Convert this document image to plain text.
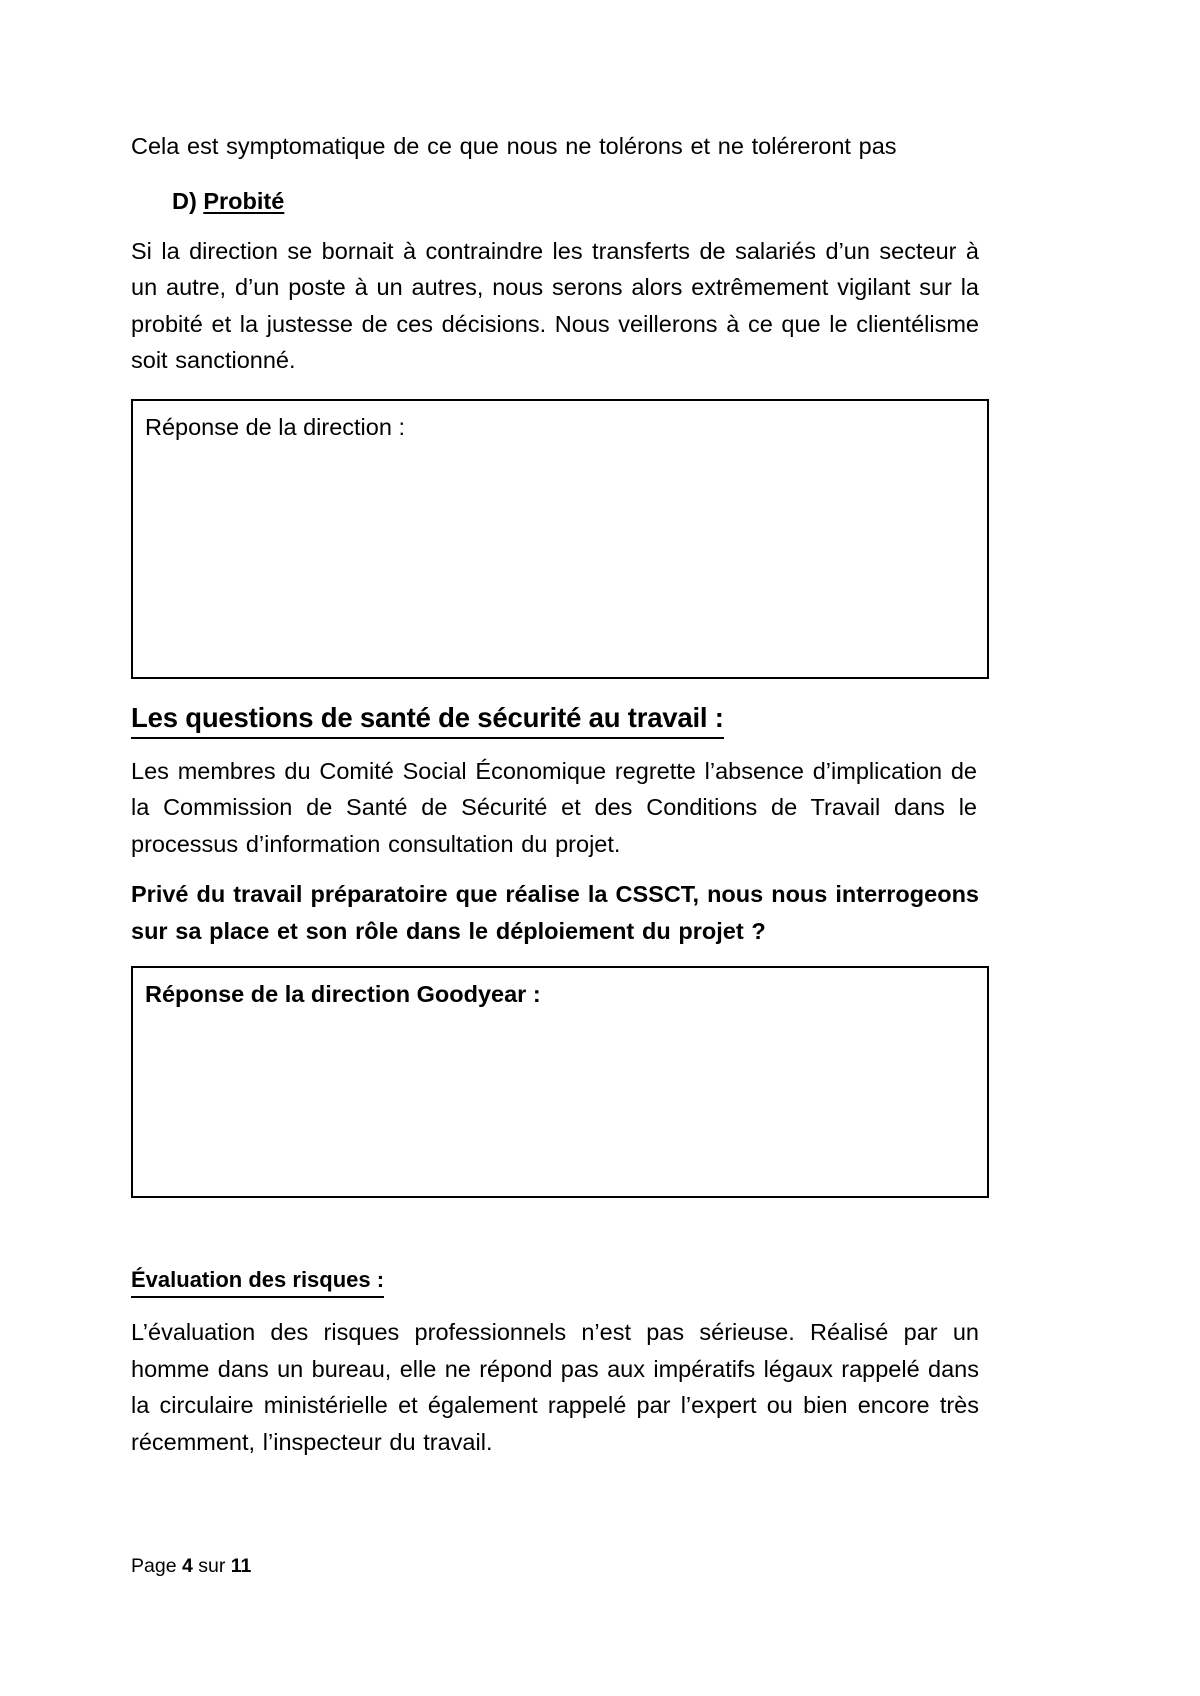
Cela est symptomatique de ce que nous ne tolérons et ne toléreront pas

D) Probité

Si la direction se bornait à contraindre les transferts de salariés d’un secteur à un autre, d’un poste à un autres, nous serons alors extrêmement vigilant sur la probité et la justesse de ces décisions. Nous veillerons à ce que le clientélisme soit sanctionné.

Réponse de la direction :

Les questions de santé de sécurité au travail :

Les membres du Comité Social Économique regrette l’absence d’implication de la Commission de Santé de Sécurité et des Conditions de Travail dans le processus d’information consultation du projet.

Privé du travail préparatoire que réalise la CSSCT, nous nous interrogeons sur sa place et son rôle dans le déploiement du projet ?

Réponse de la direction Goodyear :

Évaluation des risques :

L’évaluation des risques professionnels n’est pas sérieuse. Réalisé par un homme dans un bureau, elle ne répond pas aux impératifs légaux rappelé dans la circulaire ministérielle et également rappelé par l’expert ou bien encore très récemment, l’inspecteur du travail.

Page 4 sur 11
